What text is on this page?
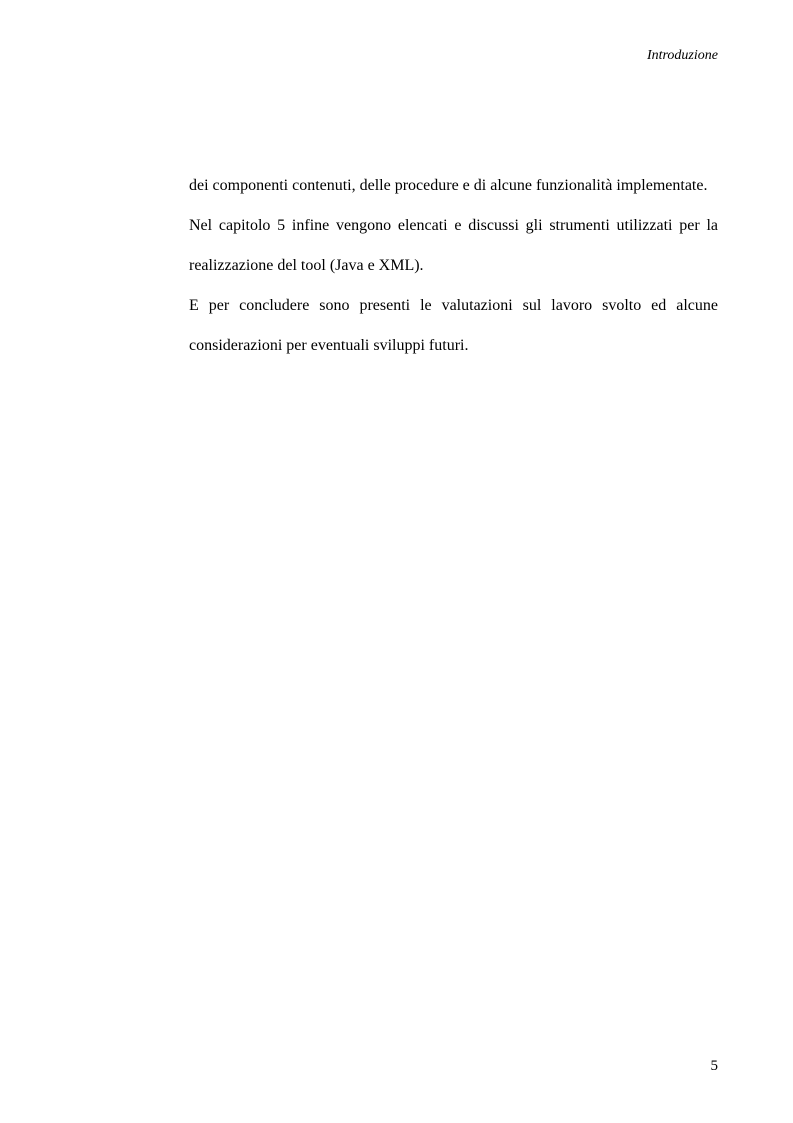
Introduzione

dei componenti contenuti, delle procedure e di alcune funzionalità implementate.

Nel capitolo 5 infine vengono elencati e discussi gli strumenti utilizzati per la realizzazione del tool (Java e XML).

E per concludere sono presenti le valutazioni sul lavoro svolto ed alcune considerazioni per eventuali sviluppi futuri.

5
